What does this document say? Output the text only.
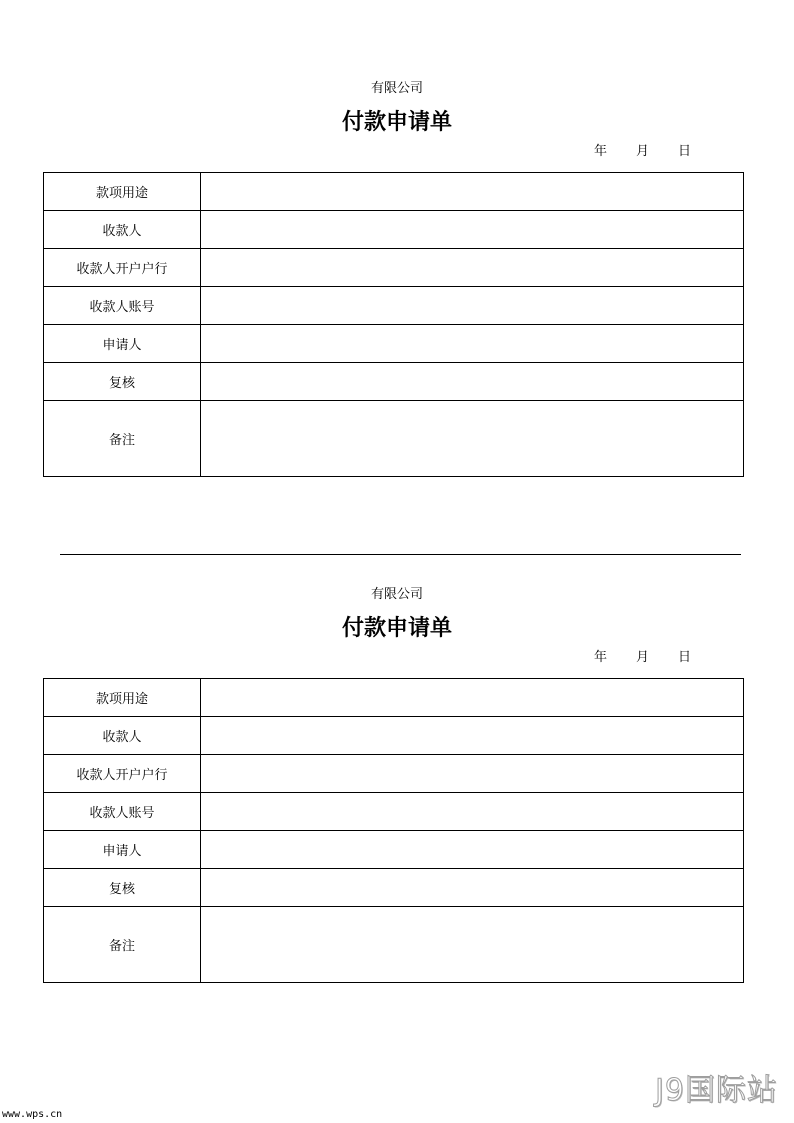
有限公司
付款申请单
年 月 日
款项用途	
收款人	
收款人开户户行	
收款人账号	
申请人	
复核	
备注	
有限公司
付款申请单
年 月 日
款项用途	
收款人	
收款人开户户行	
收款人账号	
申请人	
复核	
备注	
www.wps.cn
J9国际站
